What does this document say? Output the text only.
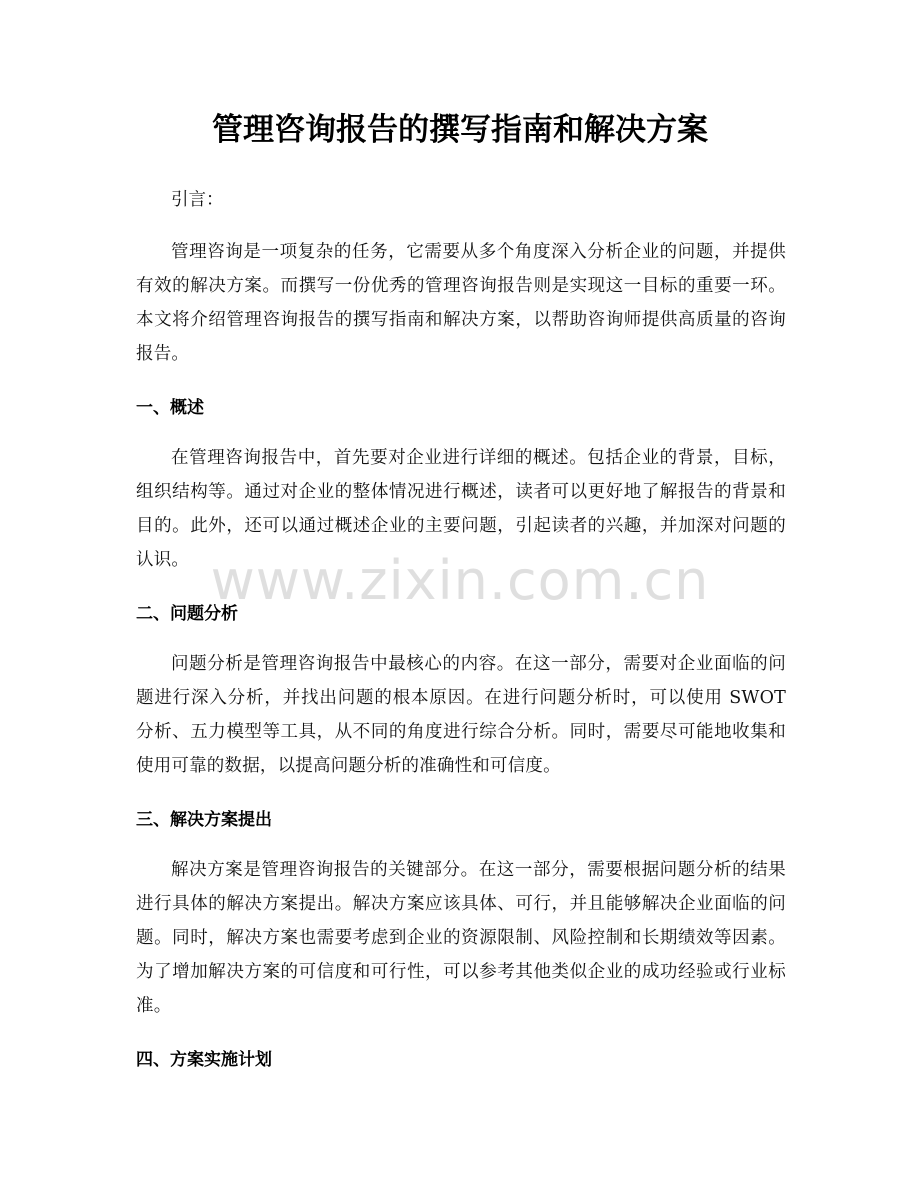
管理咨询报告的撰写指南和解决方案

引言：

管理咨询是一项复杂的任务，它需要从多个角度深入分析企业的问题，并提供有效的解决方案。而撰写一份优秀的管理咨询报告则是实现这一目标的重要一环。本文将介绍管理咨询报告的撰写指南和解决方案，以帮助咨询师提供高质量的咨询报告。

一、概述

在管理咨询报告中，首先要对企业进行详细的概述。包括企业的背景，目标，组织结构等。通过对企业的整体情况进行概述，读者可以更好地了解报告的背景和目的。此外，还可以通过概述企业的主要问题，引起读者的兴趣，并加深对问题的认识。

二、问题分析

问题分析是管理咨询报告中最核心的内容。在这一部分，需要对企业面临的问题进行深入分析，并找出问题的根本原因。在进行问题分析时，可以使用 SWOT 分析、五力模型等工具，从不同的角度进行综合分析。同时，需要尽可能地收集和使用可靠的数据，以提高问题分析的准确性和可信度。

三、解决方案提出

解决方案是管理咨询报告的关键部分。在这一部分，需要根据问题分析的结果进行具体的解决方案提出。解决方案应该具体、可行，并且能够解决企业面临的问题。同时，解决方案也需要考虑到企业的资源限制、风险控制和长期绩效等因素。为了增加解决方案的可信度和可行性，可以参考其他类似企业的成功经验或行业标准。

四、方案实施计划
www.zixin.com.cn
